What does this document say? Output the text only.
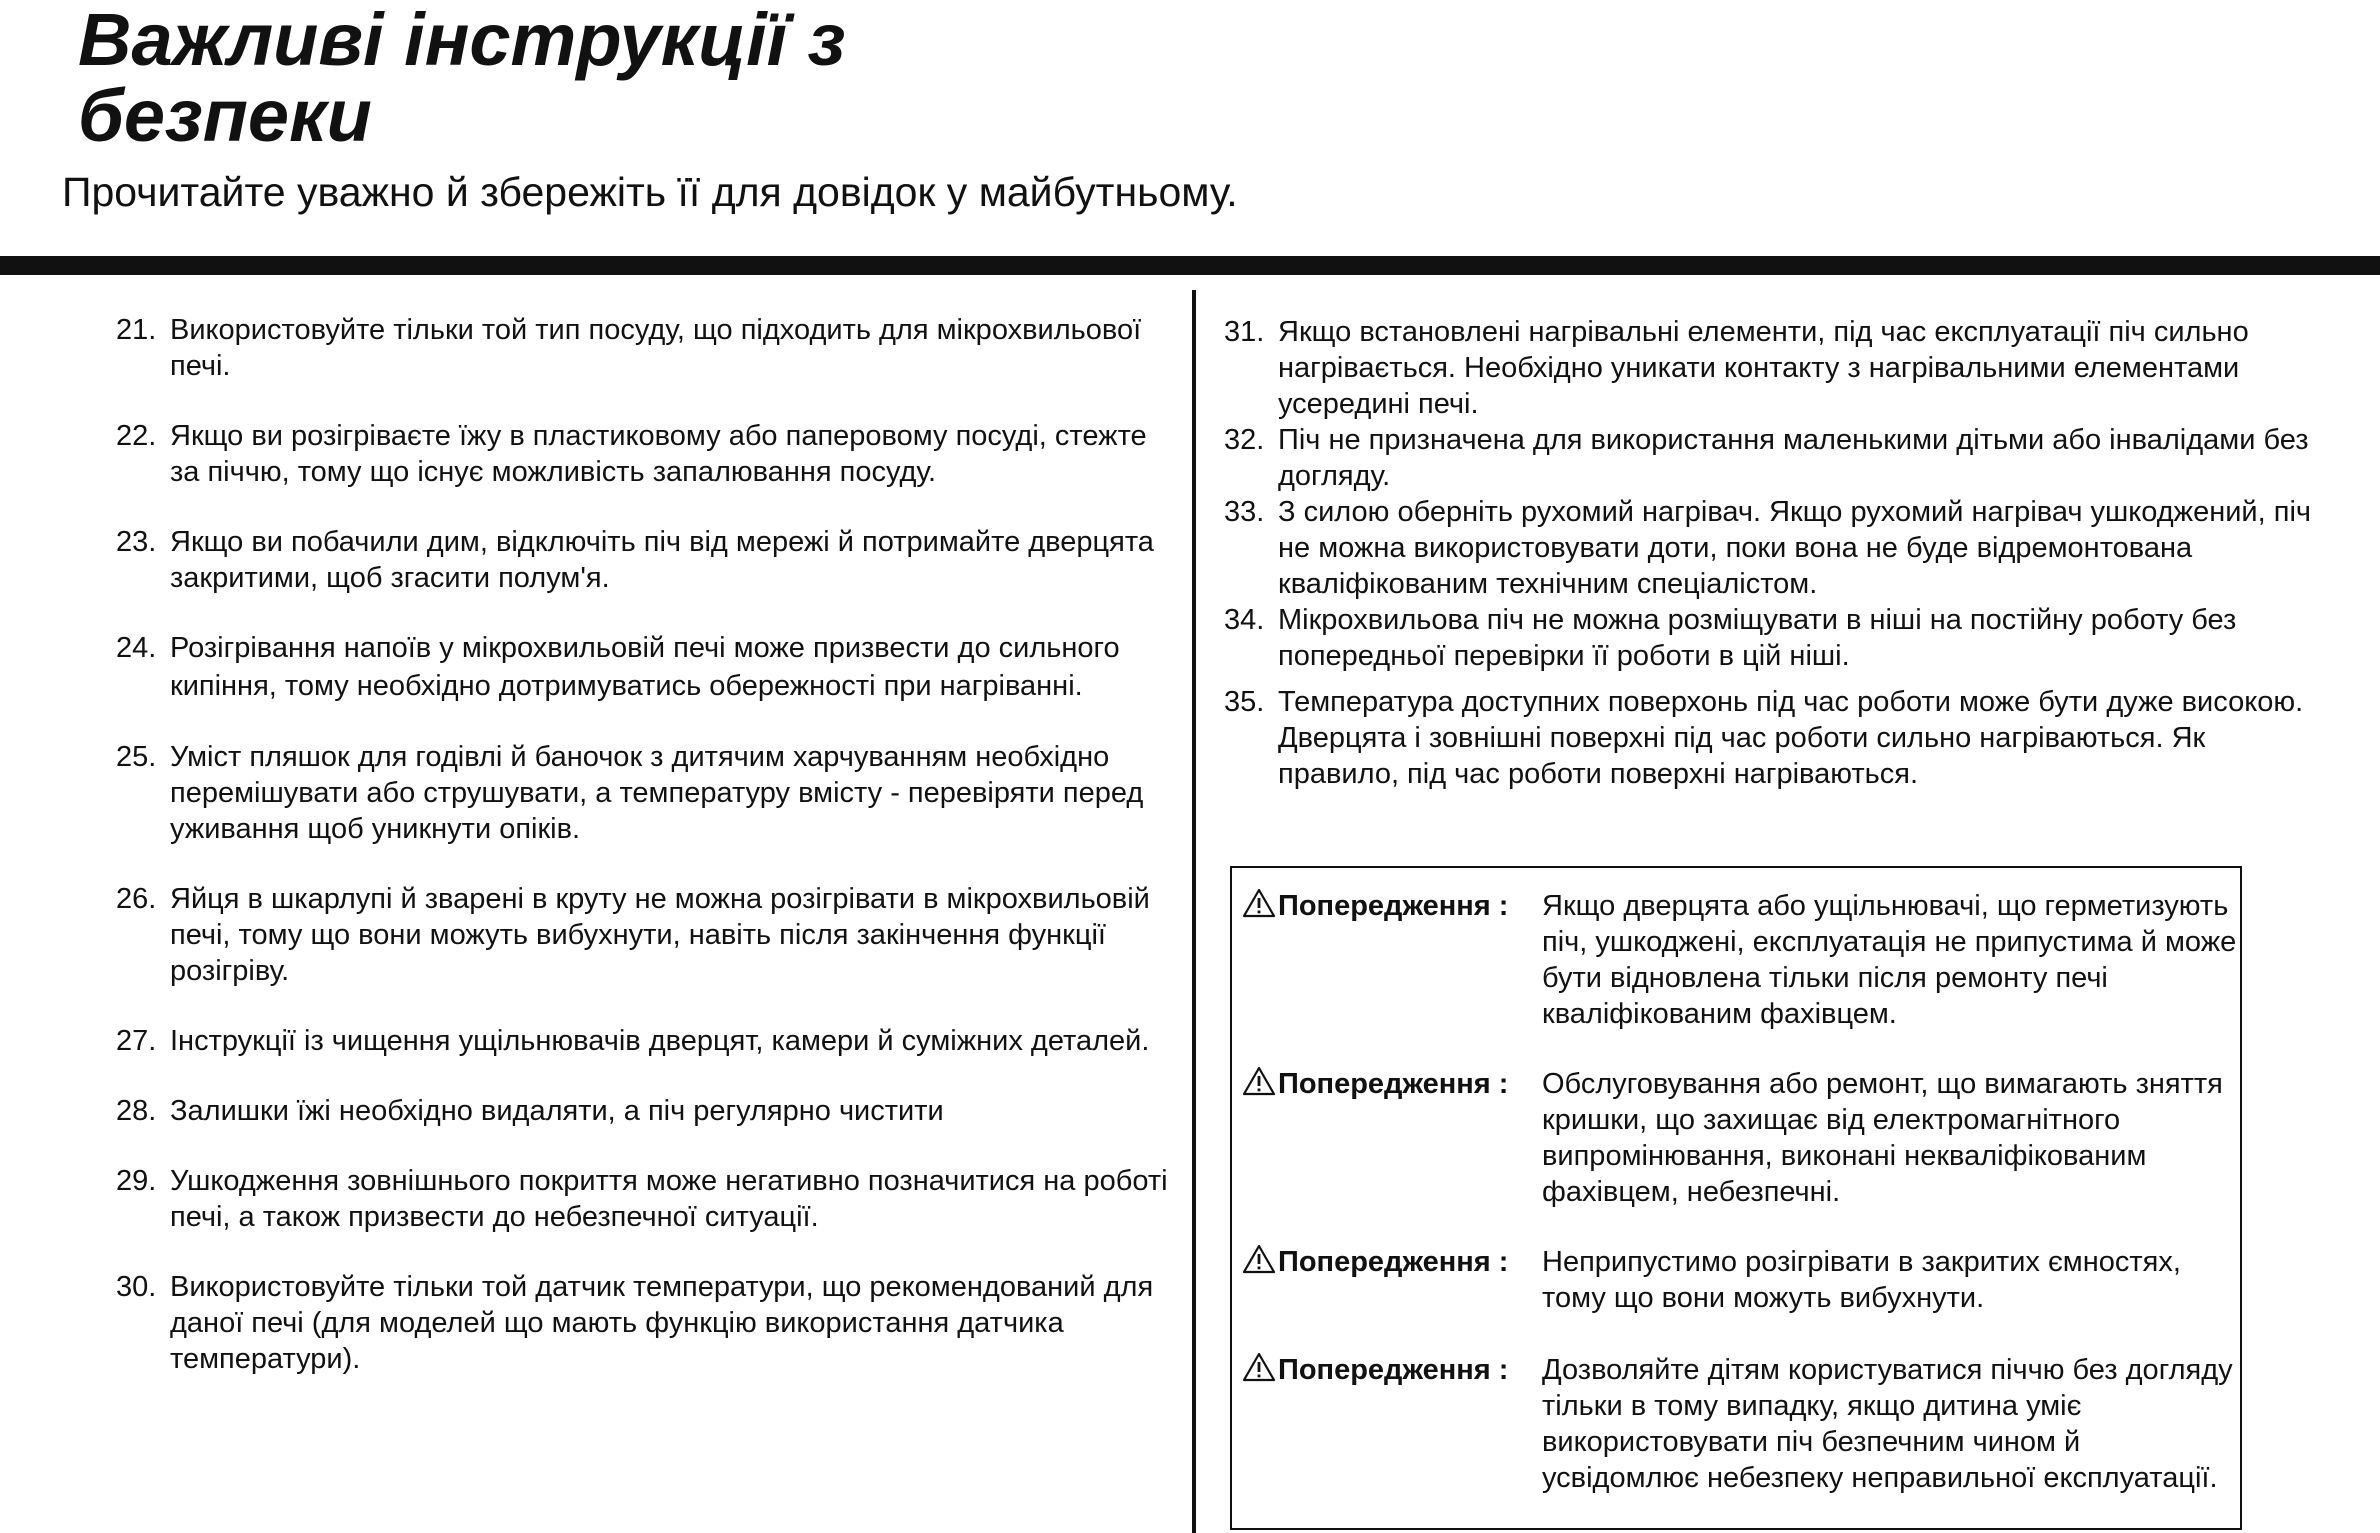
Важливі інструкції з безпеки
Прочитайте уважно й збережіть її для довідок у майбутньому.
21. Використовуйте тільки той тип посуду, що підходить для мікрохвильової печі.
22. Якщо ви розігріваєте їжу в пластиковому або паперовому посуді, стежте за піччю, тому що існує можливість запалювання посуду.
23. Якщо ви побачили дим, відключіть піч від мережі й потримайте дверцята закритими, щоб згасити полум'я.
24. Розігрівання напоїв у мікрохвильовій печі може призвести до сильного кипіння, тому необхідно дотримуватись обережності при нагріванні.
25. Уміст пляшок для годівлі й баночок з дитячим харчуванням необхідно перемішувати або струшувати, а температуру вмісту - перевіряти перед уживання щоб уникнути опіків.
26. Яйця в шкарлупі й зварені в круту не можна розігрівати в мікрохвильовій печі, тому що вони можуть вибухнути, навіть після закінчення функції розігріву.
27. Інструкції із чищення ущільнювачів дверцят, камери й суміжних деталей.
28. Залишки їжі необхідно видаляти, а піч регулярно чистити
29. Ушкодження зовнішнього покриття може негативно позначитися на роботі печі, а також призвести до небезпечної ситуації.
30. Використовуйте тільки той датчик температури, що рекомендований для даної печі (для моделей що мають функцію використання датчика температури).
31. Якщо встановлені нагрівальні елементи, під час експлуатації піч сильно нагрівається. Необхідно уникати контакту з нагрівальними елементами усередині печі.
32. Піч не призначена для використання маленькими дітьми або інвалідами без догляду.
33. З силою оберніть рухомий нагрівач. Якщо рухомий нагрівач ушкоджений, піч не можна використовувати доти, поки вона не буде відремонтована кваліфікованим технічним спеціалістом.
34. Мікрохвильова піч не можна розміщувати в ніші на постійну роботу без попередньої перевірки її роботи в цій ніші.
35. Температура доступних поверхонь під час роботи може бути дуже високою. Дверцята і зовнішні поверхні під час роботи сильно нагріваються. Як правило, під час роботи поверхні нагріваються.
Попередження :	Якщо дверцята або ущільнювачі, що герметизують піч, ушкоджені, експлуатація не припустима й може бути відновлена тільки після ремонту печі кваліфікованим фахівцем.
Попередження :	Обслуговування або ремонт, що вимагають зняття кришки, що захищає від електромагнітного випромінювання, виконані некваліфікованим фахівцем, небезпечні.
Попередження :	Неприпустимо розігрівати в закритих ємностях, тому що вони можуть вибухнути.
Попередження :	Дозволяйте дітям користуватися піччю без догляду тільки в тому випадку, якщо дитина уміє використовувати піч безпечним чином й усвідомлює небезпеку неправильної експлуатації.
